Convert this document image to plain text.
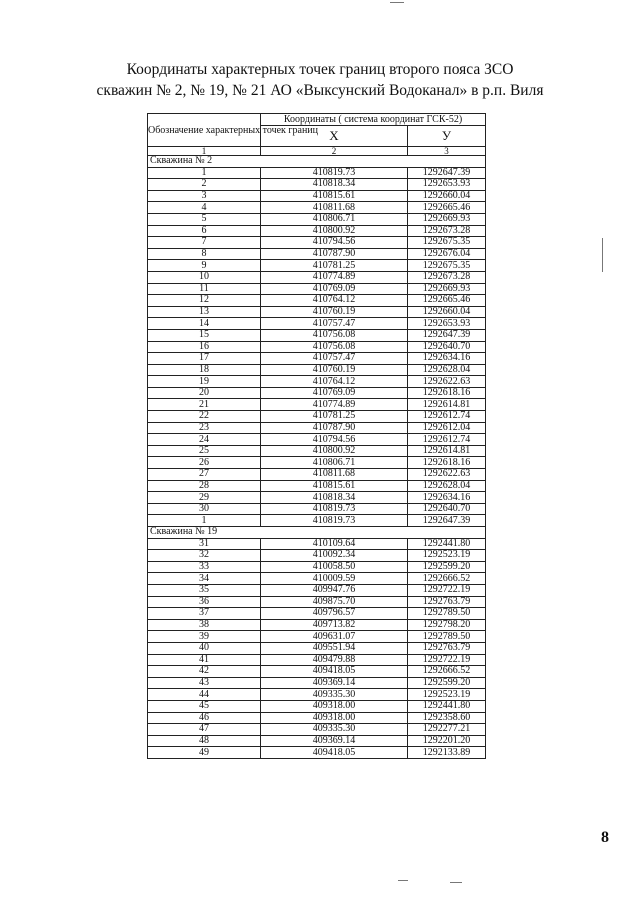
Координаты характерных точек границ второго пояса ЗСО
скважин № 2, № 19, № 21 АО «Выксунский Водоканал» в р.п. Виля
Обозначение характерных точек границ	Координаты ( система координат ГСК-52)	
	X	У
1	2	3
Скважина № 2		
1	410819.73	1292647.39
2	410818.34	1292653.93
3	410815.61	1292660.04
4	410811.68	1292665.46
5	410806.71	1292669.93
6	410800.92	1292673.28
7	410794.56	1292675.35
8	410787.90	1292676.04
9	410781.25	1292675.35
10	410774.89	1292673.28
11	410769.09	1292669.93
12	410764.12	1292665.46
13	410760.19	1292660.04
14	410757.47	1292653.93
15	410756.08	1292647.39
16	410756.08	1292640.70
17	410757.47	1292634.16
18	410760.19	1292628.04
19	410764.12	1292622.63
20	410769.09	1292618.16
21	410774.89	1292614.81
22	410781.25	1292612.74
23	410787.90	1292612.04
24	410794.56	1292612.74
25	410800.92	1292614.81
26	410806.71	1292618.16
27	410811.68	1292622.63
28	410815.61	1292628.04
29	410818.34	1292634.16
30	410819.73	1292640.70
1	410819.73	1292647.39
Скважина № 19		
31	410109.64	1292441.80
32	410092.34	1292523.19
33	410058.50	1292599.20
34	410009.59	1292666.52
35	409947.76	1292722.19
36	409875.70	1292763.79
37	409796.57	1292789.50
38	409713.82	1292798.20
39	409631.07	1292789.50
40	409551.94	1292763.79
41	409479.88	1292722.19
42	409418.05	1292666.52
43	409369.14	1292599.20
44	409335.30	1292523.19
45	409318.00	1292441.80
46	409318.00	1292358.60
47	409335.30	1292277.21
48	409369.14	1292201.20
49	409418.05	1292133.89
8
